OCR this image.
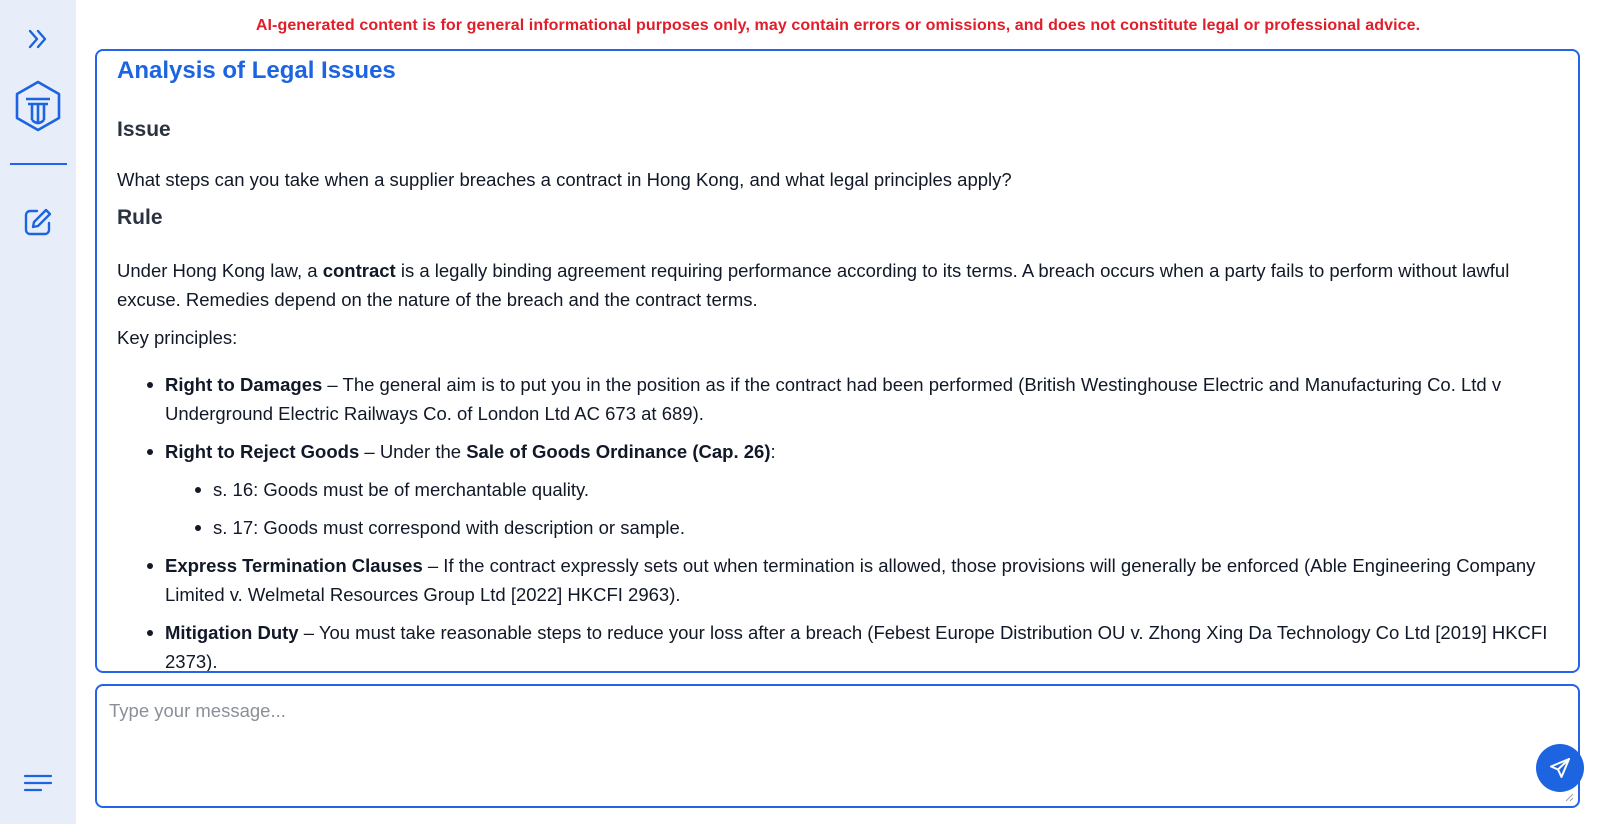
AI-generated content is for general informational purposes only, may contain errors or omissions, and does not constitute legal or professional advice.
Analysis of Legal Issues
Issue
What steps can you take when a supplier breaches a contract in Hong Kong, and what legal principles apply?
Rule
Under Hong Kong law, a contract is a legally binding agreement requiring performance according to its terms. A breach occurs when a party fails to perform without lawful excuse. Remedies depend on the nature of the breach and the contract terms.
Key principles:
Right to Damages – The general aim is to put you in the position as if the contract had been performed (British Westinghouse Electric and Manufacturing Co. Ltd v Underground Electric Railways Co. of London Ltd AC 673 at 689).
Right to Reject Goods – Under the Sale of Goods Ordinance (Cap. 26):
s. 16: Goods must be of merchantable quality.
s. 17: Goods must correspond with description or sample.
Express Termination Clauses – If the contract expressly sets out when termination is allowed, those provisions will generally be enforced (Able Engineering Company Limited v. Welmetal Resources Group Ltd [2022] HKCFI 2963).
Mitigation Duty – You must take reasonable steps to reduce your loss after a breach (Febest Europe Distribution OU v. Zhong Xing Da Technology Co Ltd [2019] HKCFI 2373).
Type your message...
